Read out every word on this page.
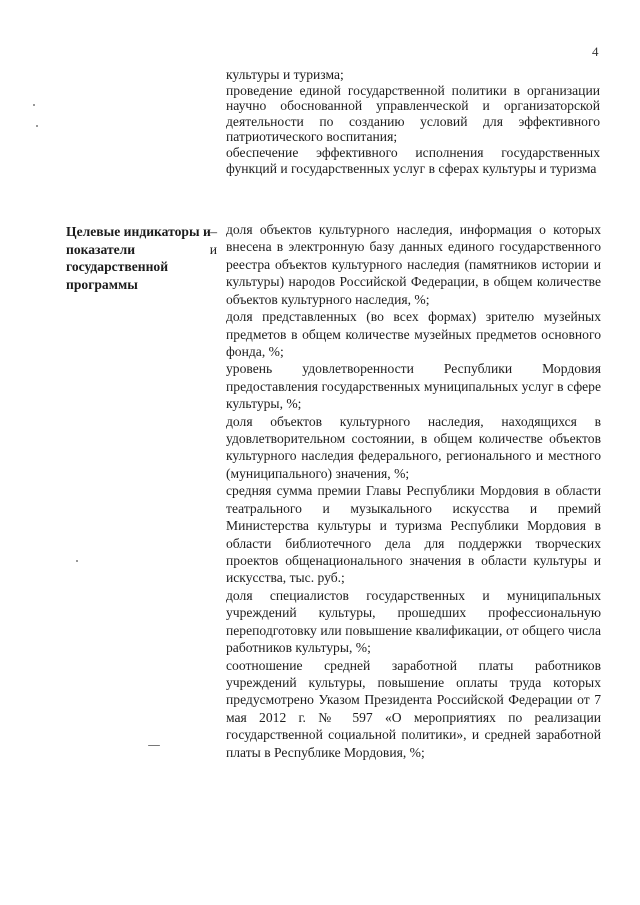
4

культуры и туризма;

проведение единой государственной политики в организации научно обоснованной управленческой и организаторской деятельности по созданию условий для эффективного патриотического воспитания;

обеспечение эффективного исполнения государственных функций и государственных услуг в сферах культуры и туризма

Целевые индикаторы и показатели государственной программы
–
и

доля объектов культурного наследия, информация о которых внесена в электронную базу данных единого государственного реестра объектов культурного наследия (памятников истории и культуры) народов Российской Федерации, в общем количестве объектов культурного наследия, %;

доля представленных (во всех формах) зрителю музейных предметов в общем количестве музейных предметов основного фонда, %;

уровень удовлетворенности Республики Мордовия предоставления государственных муниципальных услуг в сфере культуры, %;

доля объектов культурного наследия, находящихся в удовлетворительном состоянии, в общем количестве объектов культурного наследия федерального, регионального и местного (муниципального) значения, %;

средняя сумма премии Главы Республики Мордовия в области театрального и музыкального искусства и премий Министерства культуры и туризма Республики Мордовия в области библиотечного дела для поддержки творческих проектов общенационального значения в области культуры и искусства, тыс. руб.;

доля специалистов государственных и муниципальных учреждений культуры, прошедших профессиональную переподготовку или повышение квалификации, от общего числа работников культуры, %;

соотношение средней заработной платы работников учреждений культуры, повышение оплаты труда которых предусмотрено Указом Президента Российской Федерации от 7 мая 2012 г. № 597 «О мероприятиях по реализации государственной социальной политики», и средней заработной платы в Республике Мордовия, %;
